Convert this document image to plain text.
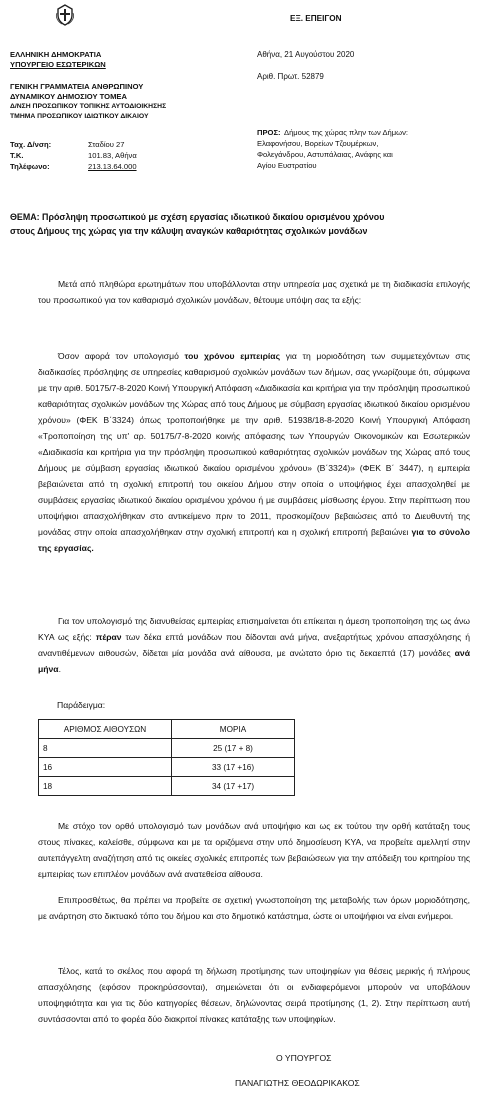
ΕΞ. ΕΠΕΙΓΟΝ
ΕΛΛΗΝΙΚΗ ΔΗΜΟΚΡΑΤΙΑ
ΥΠΟΥΡΓΕΙΟ ΕΣΩΤΕΡΙΚΩΝ
ΓΕΝΙΚΗ ΓΡΑΜΜΑΤΕΙΑ ΑΝΘΡΩΠΙΝΟΥ
ΔΥΝΑΜΙΚΟΥ ΔΗΜΟΣΙΟΥ ΤΟΜΕΑ
Δ/ΝΣΗ ΠΡΟΣΩΠΙΚΟΥ ΤΟΠΙΚΗΣ ΑΥΤΟΔΙΟΙΚΗΣΗΣ
ΤΜΗΜΑ ΠΡΟΣΩΠΙΚΟΥ ΙΔΙΩΤΙΚΟΥ ΔΙΚΑΙΟΥ
Ταχ. Δ/νση:	Σταδίου 27
Τ.Κ.	101.83, Αθήνα
Τηλέφωνο:	213.13.64.000
Αθήνα, 21 Αυγούστου 2020
Αριθ. Πρωτ. 52879
ΠΡΟΣ: Δήμους της χώρας πλην των Δήμων:
Ελαφονήσου, Βορείων Τζουμέρκων,
Φολεγάνδρου, Αστυπάλαιας, Ανάφης και
Αγίου Ευστρατίου
ΘΕΜΑ: Πρόσληψη προσωπικού με σχέση εργασίας ιδιωτικού δικαίου ορισμένου χρόνου
στους Δήμους της χώρας για την κάλυψη αναγκών καθαριότητας σχολικών μονάδων

Μετά από πληθώρα ερωτημάτων που υποβάλλονται στην υπηρεσία μας σχετικά με τη διαδικασία επιλογής του προσωπικού για τον καθαρισμό σχολικών μονάδων, θέτουμε υπόψη σας τα εξής:

Όσον αφορά τον υπολογισμό του χρόνου εμπειρίας για τη μοριοδότηση των συμμετεχόντων στις διαδικασίες πρόσληψης σε υπηρεσίες καθαρισμού σχολικών μονάδων των δήμων, σας γνωρίζουμε ότι, σύμφωνα με την αριθ. 50175/7-8-2020 Κοινή Υπουργική Απόφαση «Διαδικασία και κριτήρια για την πρόσληψη προσωπικού καθαριότητας σχολικών μονάδων της Χώρας από τους Δήμους με σύμβαση εργασίας ιδιωτικού δικαίου ορισμένου χρόνου» (ΦΕΚ Β΄3324) όπως τροποποιήθηκε με την αριθ. 51938/18-8-2020 Κοινή Υπουργική Απόφαση «Τροποποίηση της υπ' αρ. 50175/7-8-2020 κοινής απόφασης των Υπουργών Οικονομικών και Εσωτερικών «Διαδικασία και κριτήρια για την πρόσληψη προσωπικού καθαριότητας σχολικών μονάδων της Χώρας από τους Δήμους με σύμβαση εργασίας ιδιωτικού δικαίου ορισμένου χρόνου» (Β΄3324)» (ΦΕΚ Β΄ 3447), η εμπειρία βεβαιώνεται από τη σχολική επιτροπή του οικείου Δήμου στην οποία ο υποψήφιος έχει απασχοληθεί με συμβάσεις εργασίας ιδιωτικού δικαίου ορισμένου χρόνου ή με συμβάσεις μίσθωσης έργου. Στην περίπτωση που υποψήφιοι απασχολήθηκαν στο αντικείμενο πριν το 2011, προσκομίζουν βεβαιώσεις από το Διευθυντή της μονάδας στην οποία απασχολήθηκαν στην σχολική επιτροπή και η σχολική επιτροπή βεβαιώνει για το σύνολο της εργασίας.

Για τον υπολογισμό της διανυθείσας εμπειρίας επισημαίνεται ότι επίκειται η άμεση τροποποίηση της ως άνω ΚΥΑ ως εξής: πέραν των δέκα επτά μονάδων που δίδονται ανά μήνα, ανεξαρτήτως χρόνου απασχόλησης ή αναντιθέμενων αιθουσών, δίδεται μία μονάδα ανά αίθουσα, με ανώτατο όριο τις δεκαεπτά (17) μονάδες ανά μήνα.

Παράδειγμα:
ΑΡΙΘΜΟΣ ΑΙΘΟΥΣΩΝ	ΜΟΡΙΑ
8	25 (17 + 8)
16	33 (17 +16)
18	34 (17 +17)

Με στόχο τον ορθό υπολογισμό των μονάδων ανά υποψήφιο και ως εκ τούτου την ορθή κατάταξη τους στους πίνακες, καλείσθε, σύμφωνα και με τα οριζόμενα στην υπό δημοσίευση ΚΥΑ, να προβείτε αμελλητί στην αυτεπάγγελτη αναζήτηση από τις οικείες σχολικές επιτροπές των βεβαιώσεων για την απόδειξη του κριτηρίου της εμπειρίας των επιπλέον μονάδων ανά ανατεθείσα αίθουσα.

Επιπροσθέτως, θα πρέπει να προβείτε σε σχετική γνωστοποίηση της μεταβολής των όρων μοριοδότησης, με ανάρτηση στο δικτυακό τόπο του δήμου και στο δημοτικό κατάστημα, ώστε οι υποψήφιοι να είναι ενήμεροι.

Τέλος, κατά το σκέλος που αφορά τη δήλωση προτίμησης των υποψηφίων για θέσεις μερικής ή πλήρους απασχόλησης (εφόσον προκηρύσσονται), σημειώνεται ότι οι ενδιαφερόμενοι μπορούν να υποβάλουν υποψηφιότητα και για τις δύο κατηγορίες θέσεων, δηλώνοντας σειρά προτίμησης (1, 2). Στην περίπτωση αυτή συντάσσονται από το φορέα δύο διακριτοί πίνακες κατάταξης των υποψηφίων.

Ο ΥΠΟΥΡΓΟΣ
ΠΑΝΑΓΙΩΤΗΣ ΘΕΟΔΩΡΙΚΑΚΟΣ
